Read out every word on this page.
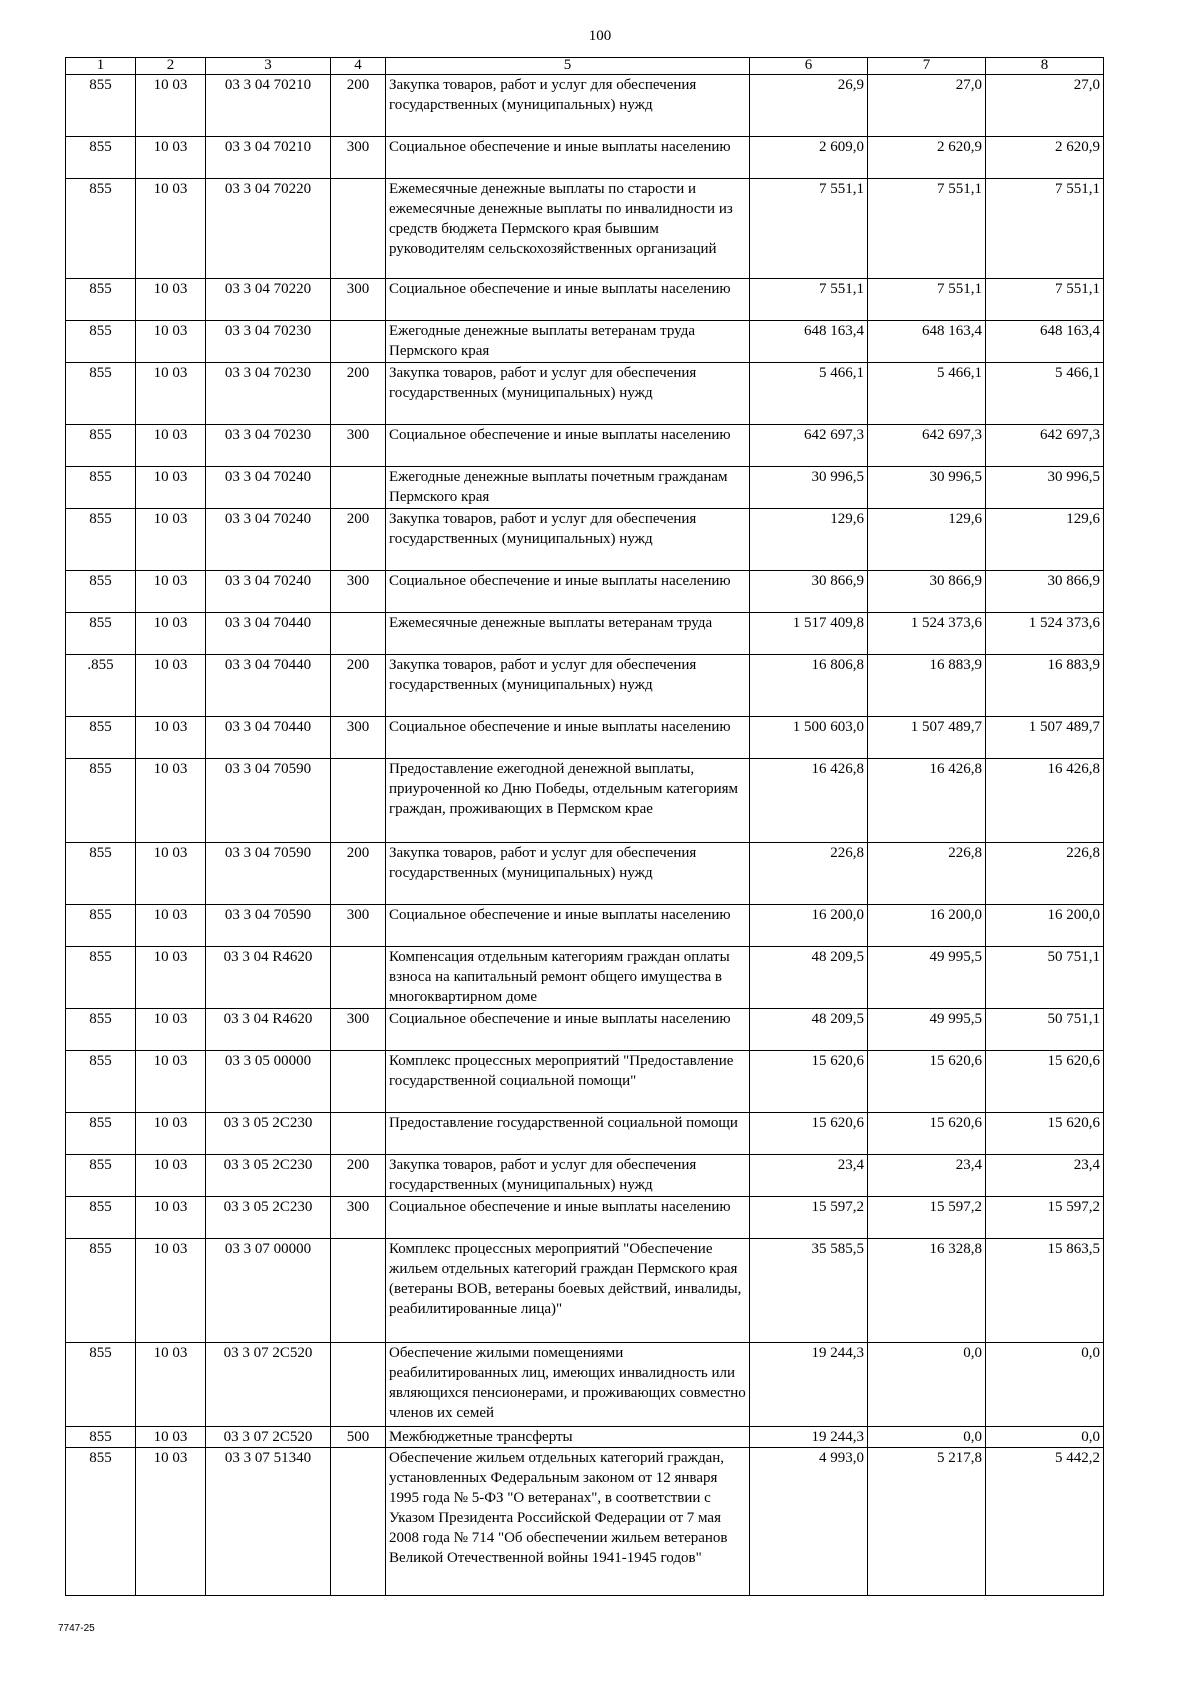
100
1	2	3	4	5	6	7	8
855	10 03	03 3 04 70210	200	Закупка товаров, работ и услуг для обеспечения государственных (муниципальных) нужд	26,9	27,0	27,0
855	10 03	03 3 04 70210	300	Социальное обеспечение и иные выплаты населению	2 609,0	2 620,9	2 620,9
855	10 03	03 3 04 70220		Ежемесячные денежные выплаты по старости и ежемесячные денежные выплаты по инвалидности из средств бюджета Пермского края бывшим руководителям сельскохозяйственных организаций	7 551,1	7 551,1	7 551,1
855	10 03	03 3 04 70220	300	Социальное обеспечение и иные выплаты населению	7 551,1	7 551,1	7 551,1
855	10 03	03 3 04 70230		Ежегодные денежные выплаты ветеранам труда Пермского края	648 163,4	648 163,4	648 163,4
855	10 03	03 3 04 70230	200	Закупка товаров, работ и услуг для обеспечения государственных (муниципальных) нужд	5 466,1	5 466,1	5 466,1
855	10 03	03 3 04 70230	300	Социальное обеспечение и иные выплаты населению	642 697,3	642 697,3	642 697,3
855	10 03	03 3 04 70240		Ежегодные денежные выплаты почетным гражданам Пермского края	30 996,5	30 996,5	30 996,5
855	10 03	03 3 04 70240	200	Закупка товаров, работ и услуг для обеспечения государственных (муниципальных) нужд	129,6	129,6	129,6
855	10 03	03 3 04 70240	300	Социальное обеспечение и иные выплаты населению	30 866,9	30 866,9	30 866,9
855	10 03	03 3 04 70440		Ежемесячные денежные выплаты ветеранам труда	1 517 409,8	1 524 373,6	1 524 373,6
.855	10 03	03 3 04 70440	200	Закупка товаров, работ и услуг для обеспечения государственных (муниципальных) нужд	16 806,8	16 883,9	16 883,9
855	10 03	03 3 04 70440	300	Социальное обеспечение и иные выплаты населению	1 500 603,0	1 507 489,7	1 507 489,7
855	10 03	03 3 04 70590		Предоставление ежегодной денежной выплаты, приуроченной ко Дню Победы, отдельным категориям граждан, проживающих в Пермском крае	16 426,8	16 426,8	16 426,8
855	10 03	03 3 04 70590	200	Закупка товаров, работ и услуг для обеспечения государственных (муниципальных) нужд	226,8	226,8	226,8
855	10 03	03 3 04 70590	300	Социальное обеспечение и иные выплаты населению	16 200,0	16 200,0	16 200,0
855	10 03	03 3 04 R4620		Компенсация отдельным категориям граждан оплаты взноса на капитальный ремонт общего имущества в многоквартирном доме	48 209,5	49 995,5	50 751,1
855	10 03	03 3 04 R4620	300	Социальное обеспечение и иные выплаты населению	48 209,5	49 995,5	50 751,1
855	10 03	03 3 05 00000		Комплекс процессных мероприятий "Предоставление государственной социальной помощи"	15 620,6	15 620,6	15 620,6
855	10 03	03 3 05 2С230		Предоставление государственной социальной помощи	15 620,6	15 620,6	15 620,6
855	10 03	03 3 05 2С230	200	Закупка товаров, работ и услуг для обеспечения государственных (муниципальных) нужд	23,4	23,4	23,4
855	10 03	03 3 05 2С230	300	Социальное обеспечение и иные выплаты населению	15 597,2	15 597,2	15 597,2
855	10 03	03 3 07 00000		Комплекс процессных мероприятий "Обеспечение жильем отдельных категорий граждан Пермского края (ветераны ВОВ, ветераны боевых действий, инвалиды, реабилитированные лица)"	35 585,5	16 328,8	15 863,5
855	10 03	03 3 07 2С520		Обеспечение жилыми помещениями реабилитированных лиц, имеющих инвалидность или являющихся пенсионерами, и проживающих совместно членов их семей	19 244,3	0,0	0,0
855	10 03	03 3 07 2С520	500	Межбюджетные трансферты	19 244,3	0,0	0,0
855	10 03	03 3 07 51340		Обеспечение жильем отдельных категорий граждан, установленных Федеральным законом от 12 января 1995 года № 5-ФЗ "О ветеранах", в соответствии с Указом Президента Российской Федерации от 7 мая 2008 года № 714 "Об обеспечении жильем ветеранов Великой Отечественной войны 1941-1945 годов"	4 993,0	5 217,8	5 442,2
7747-25
